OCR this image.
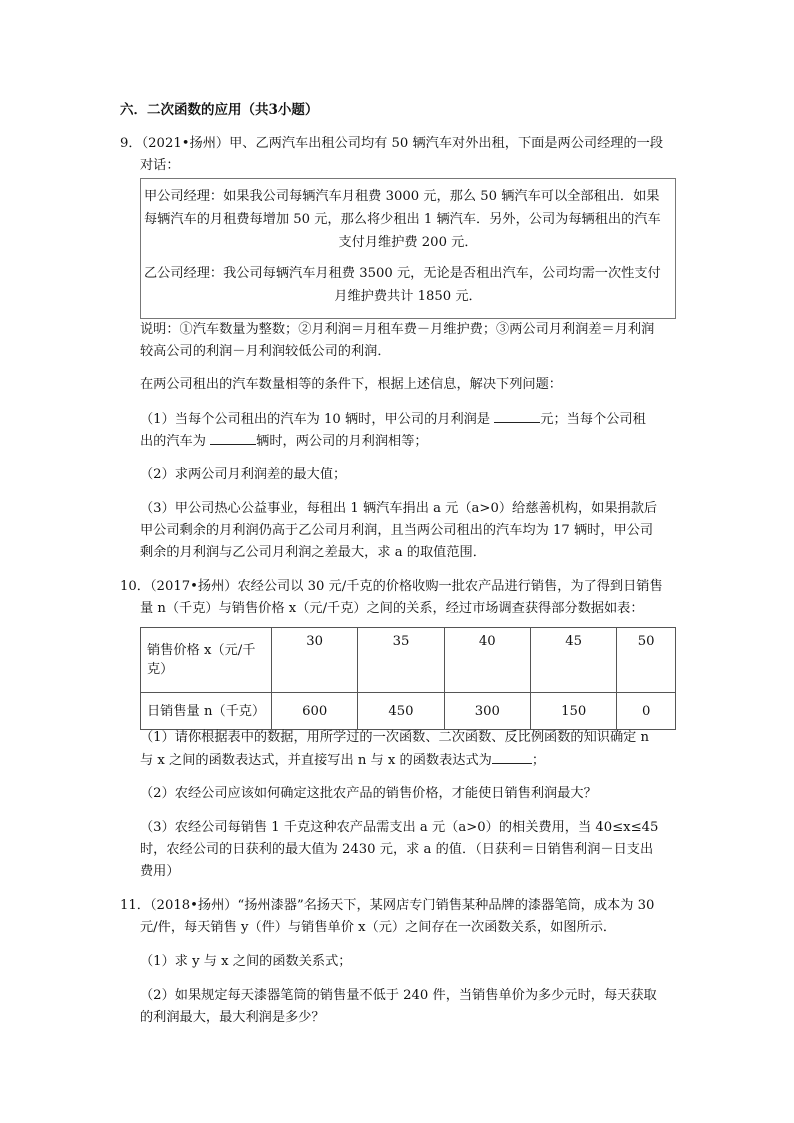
六．二次函数的应用（共3小题）
9．（2021•扬州）甲、乙两汽车出租公司均有 50 辆汽车对外出租，下面是两公司经理的一段
对话：
甲公司经理：如果我公司每辆汽车月租费 3000 元，那么 50 辆汽车可以全部租出．如果
每辆汽车的月租费每增加 50 元，那么将少租出 1 辆汽车．另外，公司为每辆租出的汽车
支付月维护费 200 元．
乙公司经理：我公司每辆汽车月租费 3500 元，无论是否租出汽车，公司均需一次性支付
月维护费共计 1850 元．
说明：①汽车数量为整数；②月利润＝月租车费－月维护费；③两公司月利润差＝月利润
较高公司的利润－月利润较低公司的利润．
在两公司租出的汽车数量相等的条件下，根据上述信息，解决下列问题：
（1）当每个公司租出的汽车为 10 辆时，甲公司的月利润是	元；当每个公司租
出的汽车为	辆时，两公司的月利润相等；
（2）求两公司月利润差的最大值；
（3）甲公司热心公益事业，每租出 1 辆汽车捐出 a 元（a>0）给慈善机构，如果捐款后
甲公司剩余的月利润仍高于乙公司月利润，且当两公司租出的汽车均为 17 辆时，甲公司
剩余的月利润与乙公司月利润之差最大，求 a 的取值范围．
10．（2017•扬州）农经公司以 30 元/千克的价格收购一批农产品进行销售，为了得到日销售
量 n（千克）与销售价格 x（元/千克）之间的关系，经过市场调查获得部分数据如表：
销售价格 x（元/千
克）	30	35	40	45	50
日销售量 n（千克）	600	450	300	150	0
（1）请你根据表中的数据，用所学过的一次函数、二次函数、反比例函数的知识确定 n
与 x 之间的函数表达式，并直接写出 n 与 x 的函数表达式为	；
（2）农经公司应该如何确定这批农产品的销售价格，才能使日销售利润最大？
（3）农经公司每销售 1 千克这种农产品需支出 a 元（a>0）的相关费用，当 40≤x≤45
时，农经公司的日获利的最大值为 2430 元，求 a 的值．（日获利＝日销售利润－日支出
费用）
11．（2018•扬州）“扬州漆器”名扬天下，某网店专门销售某种品牌的漆器笔筒，成本为 30
元/件，每天销售 y（件）与销售单价 x（元）之间存在一次函数关系，如图所示．
（1）求 y 与 x 之间的函数关系式；
（2）如果规定每天漆器笔筒的销售量不低于 240 件，当销售单价为多少元时，每天获取
的利润最大，最大利润是多少？
